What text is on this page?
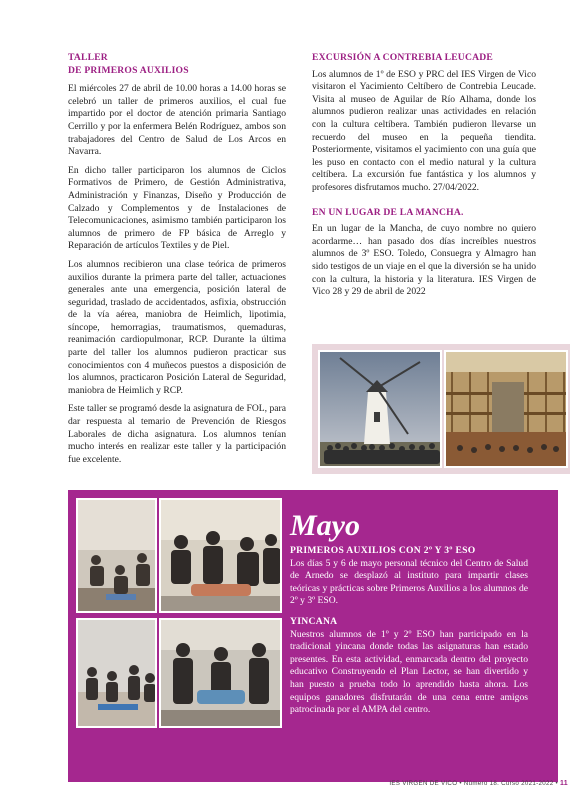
TALLER
DE PRIMEROS AUXILIOS

El miércoles 27 de abril de 10.00 horas a 14.00 horas se celebró un taller de primeros auxilios, el cual fue impartido por el doctor de atención primaria Santiago Cerrillo y por la enfermera Belén Rodríguez, ambos son trabajadores del Centro de Salud de Los Arcos en Navarra.

En dicho taller participaron los alumnos de Ciclos Formativos de Primero, de Gestión Administrativa, Administración y Finanzas, Diseño y Producción de Calzado y Complementos y de Instalaciones de Telecomunicaciones, asimismo también participaron los alumnos de primero de FP básica de Arreglo y Reparación de artículos Textiles y de Piel.

Los alumnos recibieron una clase teórica de primeros auxilios durante la primera parte del taller, actuaciones generales ante una emergencia, posición lateral de seguridad, traslado de accidentados, asfixia, obstrucción de la vía aérea, maniobra de Heimlich, lipotimia, síncope, hemorragias, traumatismos, quemaduras, reanimación cardiopulmonar, RCP. Durante la última parte del taller los alumnos pudieron practicar sus conocimientos con 4 muñecos puestos a disposición de los alumnos, practicaron Posición Lateral de Seguridad, maniobra de Heimlich y RCP.

Este taller se programó desde la asignatura de FOL, para dar respuesta al temario de Prevención de Riesgos Laborales de dicha asignatura. Los alumnos tenían mucho interés en realizar este taller y la participación fue excelente.

EXCURSIÓN A CONTREBIA LEUCADE

Los alumnos de 1º de ESO y PRC del IES Virgen de Vico visitaron el Yacimiento Celtíbero de Contrebia Leucade. Visita al museo de Aguilar de Río Alhama, donde los alumnos pudieron realizar unas actividades en relación con la cultura celtíbera. También pudieron llevarse un recuerdo del museo en la pequeña tiendita. Posteriormente, visitamos el yacimiento con una guía que les puso en contacto con el medio natural y la cultura celtíbera. La excursión fue fantástica y los alumnos y profesores disfrutamos mucho. 27/04/2022.

EN UN LUGAR DE LA MANCHA.

En un lugar de la Mancha, de cuyo nombre no quiero acordarme… han pasado dos días increíbles nuestros alumnos de 3º ESO. Toledo, Consuegra y Almagro han sido testigos de un viaje en el que la diversión se ha unido con la cultura, la historia y la literatura. IES Virgen de Vico 28 y 29 de abril de 2022

Mayo
PRIMEROS AUXILIOS CON 2º Y 3º ESO

Los días 5 y 6 de mayo personal técnico del Centro de Salud de Arnedo se desplazó al instituto para impartir clases teóricas y prácticas sobre Primeros Auxilios a los alumnos de 2º y 3º ESO.

YINCANA

Nuestros alumnos de 1º y 2º ESO han participado en la tradicional yincana donde todas las asignaturas han estado presentes. En esta actividad, enmarcada dentro del proyecto educativo Construyendo el Plan Lector, se han divertido y han puesto a prueba todo lo aprendido hasta ahora. Los equipos ganadores disfrutarán de una cena entre amigos patrocinada por el AMPA del centro.

IES VIRGEN DE VICO • Número 18. Curso 2021-2022 • 11
